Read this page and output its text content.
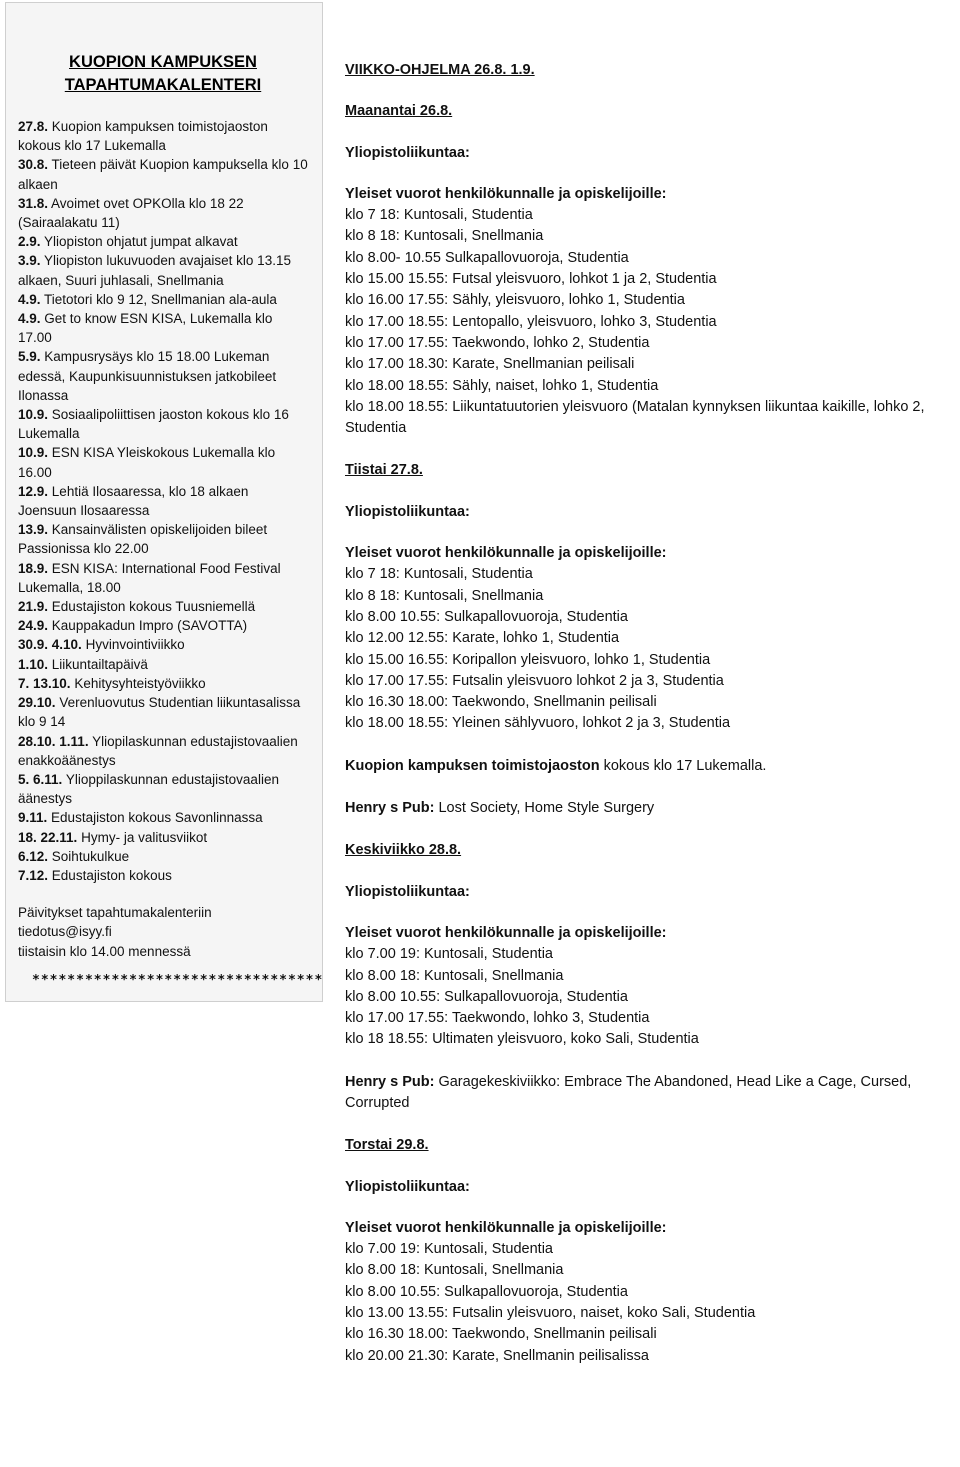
KUOPION KAMPUKSEN
TAPAHTUMAKALENTERI
27.8. Kuopion kampuksen toimistojaoston kokous klo 17 Lukemalla
30.8. Tieteen päivät Kuopion kampuksella klo 10 alkaen
31.8. Avoimet ovet OPKOlla klo 18 22 (Sairaalakatu 11)
2.9. Yliopiston ohjatut jumpat alkavat
3.9. Yliopiston lukuvuoden avajaiset klo 13.15 alkaen, Suuri juhlasali, Snellmania
4.9. Tietotori klo 9 12, Snellmanian ala-aula
4.9. Get to know ESN KISA, Lukemalla klo 17.00
5.9. Kampusrysäys klo 15 18.00 Lukeman edessä, Kaupunkisuunnistuksen jatkobileet Ilonassa
10.9. Sosiaalipoliittisen jaoston kokous klo 16 Lukemalla
10.9. ESN KISA Yleiskokous Lukemalla klo 16.00
12.9. Lehtiä Ilosaaressa, klo 18 alkaen Joensuun Ilosaaressa
13.9. Kansainvälisten opiskelijoiden bileet Passionissa klo 22.00
18.9. ESN KISA: International Food Festival Lukemalla, 18.00
21.9. Edustajiston kokous Tuusniemellä
24.9. Kauppakadun Impro (SAVOTTA)
30.9. 4.10. Hyvinvointiviikko
1.10. Liikuntailtapäivä
7. 13.10. Kehitysyhteistyöviikko
29.10. Verenluovutus Studentian liikuntasalissa klo 9 14
28.10. 1.11. Yliopilaskunnan edustajistovaalien enakkoäänestys
5. 6.11. Ylioppilaskunnan edustajistovaalien äänestys
9.11. Edustajiston kokous Savonlinnassa
18. 22.11. Hymy- ja valitusviikot
6.12. Soihtukulkue
7.12. Edustajiston kokous
Päivitykset tapahtumakalenteriin
tiedotus@isyy.fi
tiistaisin klo 14.00 mennessä
*********************************
VIIKKO-OHJELMA 26.8. 1.9.
Maanantai 26.8.
Yliopistoliikuntaa:
Yleiset vuorot henkilökunnalle ja opiskelijoille:
klo 7 18: Kuntosali, Studentia
klo 8 18: Kuntosali, Snellmania
klo 8.00- 10.55 Sulkapallovuoroja, Studentia
klo 15.00 15.55: Futsal yleisvuoro, lohkot 1 ja 2, Studentia
klo 16.00 17.55: Sähly, yleisvuoro, lohko 1, Studentia
klo 17.00 18.55: Lentopallo, yleisvuoro, lohko 3, Studentia
klo 17.00 17.55: Taekwondo, lohko 2, Studentia
klo 17.00 18.30: Karate, Snellmanian peilisali
klo 18.00 18.55: Sähly, naiset, lohko 1, Studentia
klo 18.00 18.55: Liikuntatuutorien yleisvuoro (Matalan kynnyksen liikuntaa kaikille, lohko 2, Studentia
Tiistai 27.8.
Yliopistoliikuntaa:
Yleiset vuorot henkilökunnalle ja opiskelijoille:
klo 7 18: Kuntosali, Studentia
klo 8 18: Kuntosali, Snellmania
klo 8.00 10.55: Sulkapallovuoroja, Studentia
klo 12.00 12.55: Karate, lohko 1, Studentia
klo 15.00 16.55: Koripallon yleisvuoro, lohko 1, Studentia
klo 17.00 17.55: Futsalin yleisvuoro lohkot 2 ja 3, Studentia
klo 16.30 18.00: Taekwondo, Snellmanin peilisali
klo 18.00 18.55: Yleinen sählyvuoro, lohkot 2 ja 3, Studentia
Kuopion kampuksen toimistojaoston kokous klo 17 Lukemalla.
Henry s Pub: Lost Society, Home Style Surgery
Keskiviikko 28.8.
Yliopistoliikuntaa:
Yleiset vuorot henkilökunnalle ja opiskelijoille:
klo 7.00 19: Kuntosali, Studentia
klo 8.00 18: Kuntosali, Snellmania
klo 8.00 10.55: Sulkapallovuoroja, Studentia
klo 17.00 17.55: Taekwondo, lohko 3, Studentia
klo 18 18.55: Ultimaten yleisvuoro, koko Sali, Studentia
Henry s Pub: Garagekeskiviikko: Embrace The Abandoned, Head Like a Cage, Cursed, Corrupted
Torstai 29.8.
Yliopistoliikuntaa:
Yleiset vuorot henkilökunnalle ja opiskelijoille:
klo 7.00 19: Kuntosali, Studentia
klo 8.00 18: Kuntosali, Snellmania
klo 8.00 10.55: Sulkapallovuoroja, Studentia
klo 13.00 13.55: Futsalin yleisvuoro, naiset, koko Sali, Studentia
klo 16.30 18.00: Taekwondo, Snellmanin peilisali
klo 20.00 21.30: Karate, Snellmanin peilisalissa
